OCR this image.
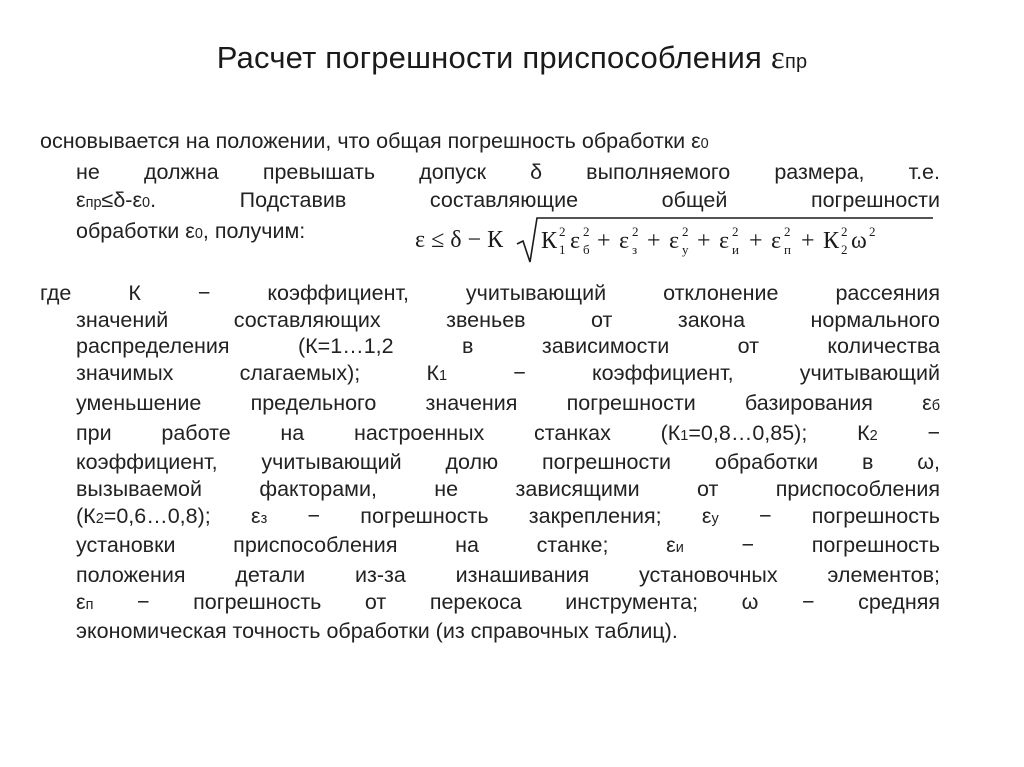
Расчет погрешности приспособления εпр
основывается на положении, что общая погрешность обработки ε0
не должна превышать допуск δ выполняемого размера, т.е.
εпр≤δ-ε0. Подставив составляющие общей погрешности
обработки ε0, получим:	ε ≤ δ − К К 2
1 ε 2
б + ε 2
з + ε 2
у + ε 2
и + ε 2
п + К 2
2 ω 2
где К − коэффициент, учитывающий отклонение рассеяния
значений составляющих звеньев от закона нормального
распределения (К=1…1,2 в зависимости от количества
значимых слагаемых); К1 − коэффициент, учитывающий
уменьшение предельного значения погрешности базирования εб
при работе на настроенных станках (К1=0,8…0,85); К2 −
коэффициент, учитывающий долю погрешности обработки в ω,
вызываемой факторами, не зависящими от приспособления
(К2=0,6…0,8); εз − погрешность закрепления; εу − погрешность
установки приспособления на станке; εи − погрешность
положения детали из-за изнашивания установочных элементов;
εп − погрешность от перекоса инструмента; ω − средняя
экономическая точность обработки (из справочных таблиц).
